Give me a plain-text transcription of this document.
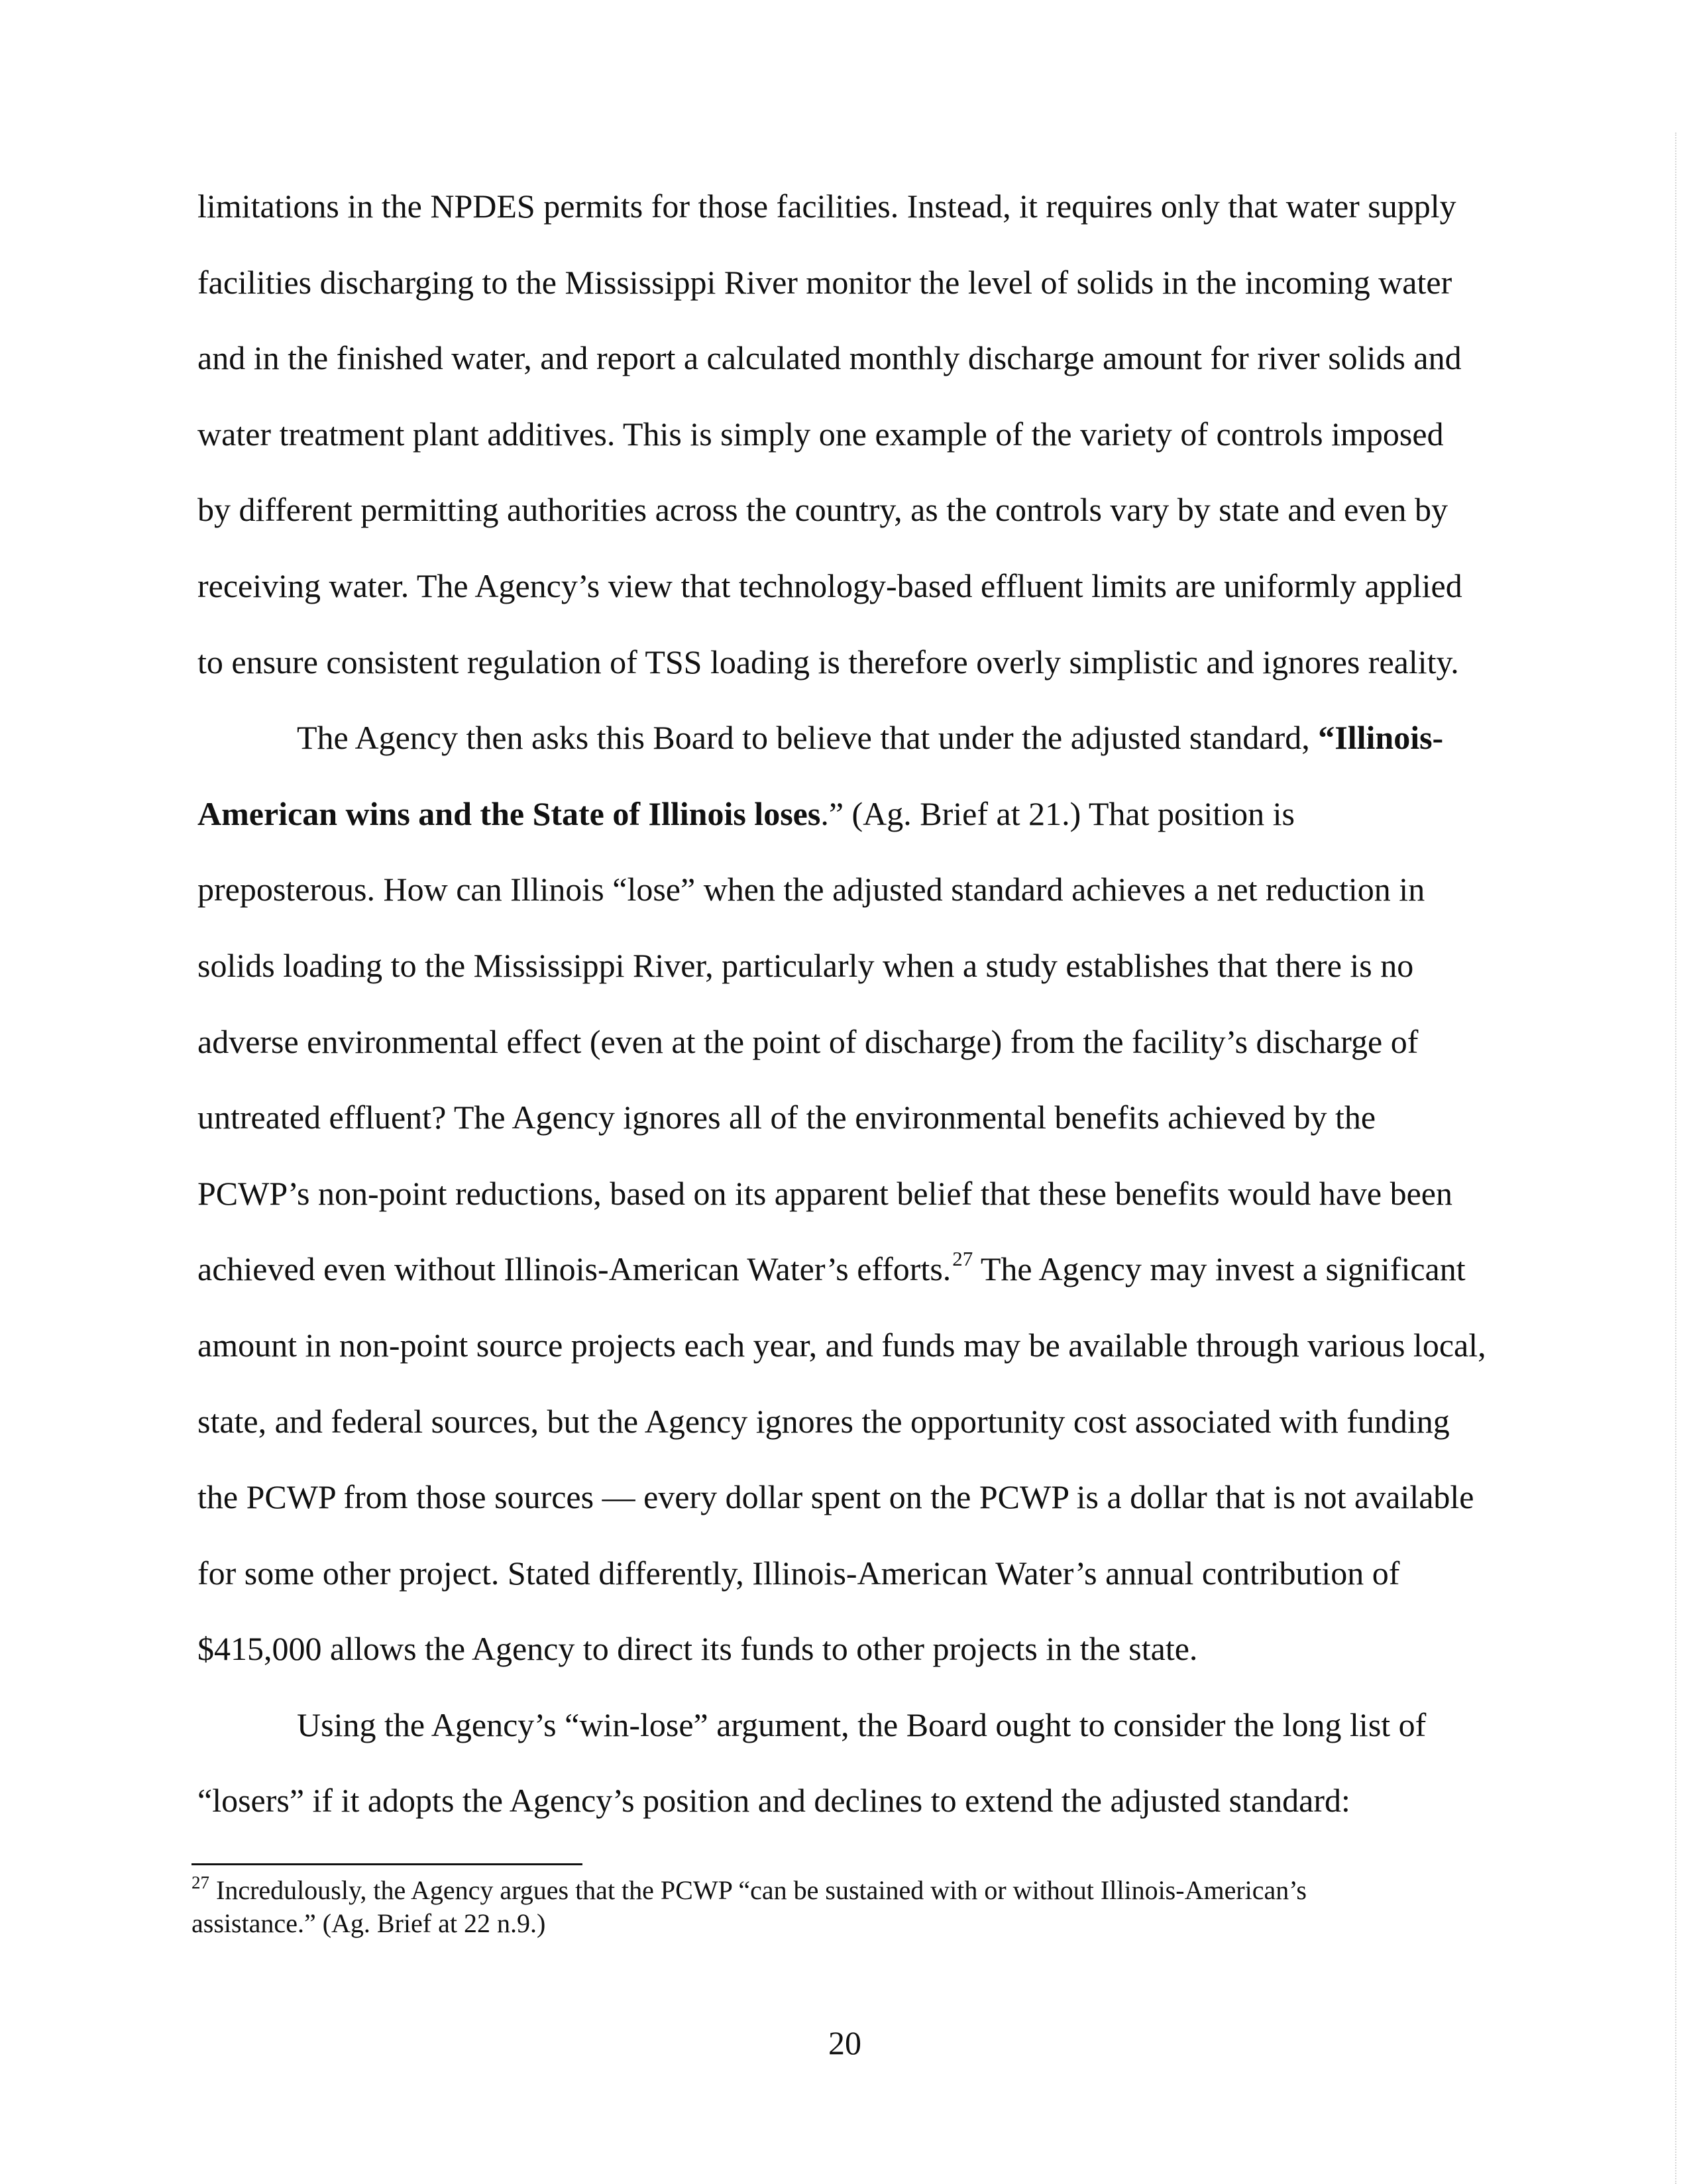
limitations in the NPDES permits for those facilities. Instead, it requires only that water supply
facilities discharging to the Mississippi River monitor the level of solids in the incoming water
and in the finished water, and report a calculated monthly discharge amount for river solids and
water treatment plant additives. This is simply one example of the variety of controls imposed
by different permitting authorities across the country, as the controls vary by state and even by
receiving water. The Agency’s view that technology-based effluent limits are uniformly applied
to ensure consistent regulation of TSS loading is therefore overly simplistic and ignores reality.
The Agency then asks this Board to believe that under the adjusted standard, “Illinois-
American wins and the State of Illinois loses.” (Ag. Brief at 21.) That position is
preposterous. How can Illinois “lose” when the adjusted standard achieves a net reduction in
solids loading to the Mississippi River, particularly when a study establishes that there is no
adverse environmental effect (even at the point of discharge) from the facility’s discharge of
untreated effluent? The Agency ignores all of the environmental benefits achieved by the
PCWP’s non-point reductions, based on its apparent belief that these benefits would have been
achieved even without Illinois-American Water’s efforts.$^{27}$ The Agency may invest a significant
amount in non-point source projects each year, and funds may be available through various local,
state, and federal sources, but the Agency ignores the opportunity cost associated with funding
the PCWP from those sources — every dollar spent on the PCWP is a dollar that is not available
for some other project. Stated differently, Illinois-American Water’s annual contribution of
$415,000 allows the Agency to direct its funds to other projects in the state.
Using the Agency’s “win-lose” argument, the Board ought to consider the long list of
“losers” if it adopts the Agency’s position and declines to extend the adjusted standard:
$^{27}$ Incredulously, the Agency argues that the PCWP “can be sustained with or without Illinois-American’s
assistance.” (Ag. Brief at 22 n.9.)
20
